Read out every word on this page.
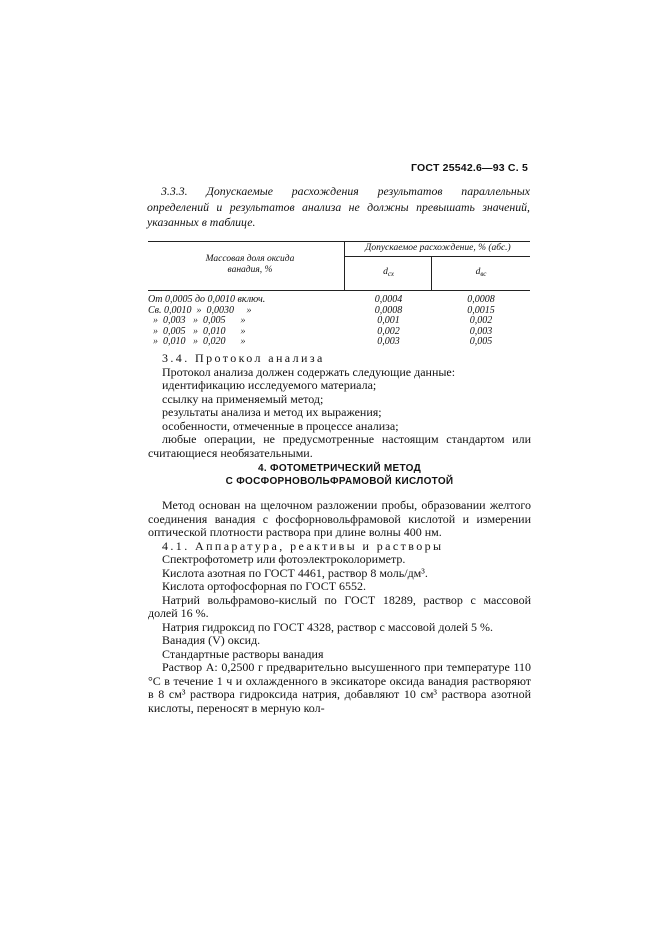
ГОСТ 25542.6—93 С. 5
3.3.3. Допускаемые расхождения результатов параллельных определений и результатов анализа не должны превышать значений, указанных в таблице.
Массовая доля оксида ванадия, %
Допускаемое расхождение, % (абс.)
$d_{сх}$	$d_{вс}$
От 0,0005 до 0,0010 включ.
Св. 0,0010  »  0,0030     »
»  0,003   »  0,005      »
»  0,005   »  0,010      »
»  0,010   »  0,020      »
0,0004
0,0008
0,001
0,002
0,003
0,0008
0,0015
0,002
0,003
0,005

3.4. Протокол анализа

Протокол анализа должен содержать следующие данные:

идентификацию исследуемого материала;

ссылку на применяемый метод;

результаты анализа и метод их выражения;

особенности, отмеченные в процессе анализа;

любые операции, не предусмотренные настоящим стандартом или считающиеся необязательными.

4. ФОТОМЕТРИЧЕСКИЙ МЕТОД
С ФОСФОРНОВОЛЬФРАМОВОЙ КИСЛОТОЙ

Метод основан на щелочном разложении пробы, образовании желтого соединения ванадия с фосфорновольфрамовой кислотой и измерении оптической плотности раствора при длине волны 400 нм.

4.1. Аппаратура, реактивы и растворы

Спектрофотометр или фотоэлектроколориметр.

Кислота азотная по ГОСТ 4461, раствор 8 моль/дм³.

Кислота ортофосфорная по ГОСТ 6552.

Натрий вольфрамово-кислый по ГОСТ 18289, раствор с массовой долей 16 %.

Натрия гидроксид по ГОСТ 4328, раствор с массовой долей 5 %.

Ванадия (V) оксид.

Стандартные растворы ванадия

Раствор А: 0,2500 г предварительно высушенного при температуре 110 °С в течение 1 ч и охлажденного в эксикаторе оксида ванадия растворяют в 8 см³ раствора гидроксида натрия, добавляют 10 см³ раствора азотной кислоты, переносят в мерную кол-
